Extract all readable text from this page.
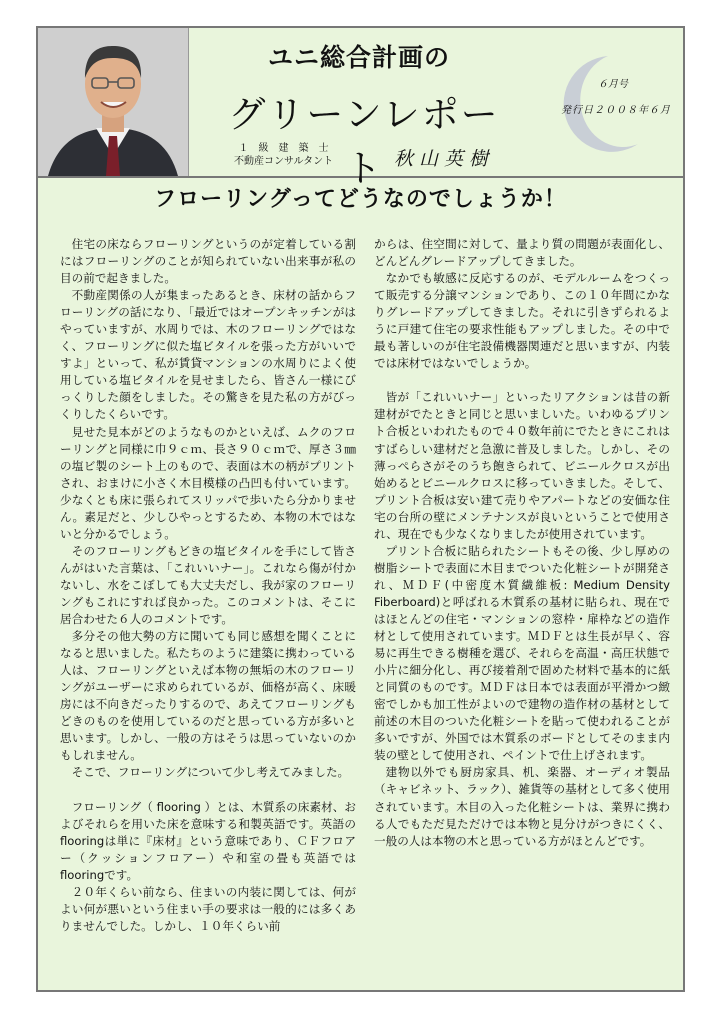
ユニ総合計画の
グリーンレポート
１　級　建　築　士
不動産コンサルタント	秋山英樹
６月号
発行日２００８年６月
フローリングってどうなのでしょうか！

住宅の床ならフローリングというのが定着している割にはフローリングのことが知られていない出来事が私の目の前で起きました。

不動産関係の人が集まったあるとき、床材の話からフローリングの話になり、「最近ではオープンキッチンがはやっていますが、水周りでは、木のフローリングではなく、フローリングに似た塩ビタイルを張った方がいいですよ」といって、私が賃貸マンションの水周りによく使用している塩ビタイルを見せましたら、皆さん一様にびっくりした顔をしました。その驚きを見た私の方がびっくりしたくらいです。

見せた見本がどのようなものかといえば、ムクのフローリングと同様に巾９ｃｍ、長さ９０ｃｍで、厚さ３㎜の塩ビ製のシート上のもので、表面は木の柄がプリントされ、おまけに小さく木目模様の凸凹も付いています。少なくとも床に張られてスリッパで歩いたら分かりません。素足だと、少しひやっとするため、本物の木ではないと分かるでしょう。

そのフローリングもどきの塩ビタイルを手にして皆さんがはいた言葉は、「これいいナー」。これなら傷が付かないし、水をこぼしても大丈夫だし、我が家のフローリングもこれにすれば良かった。このコメントは、そこに居合わせた６人のコメントです。

多分その他大勢の方に聞いても同じ感想を聞くことになると思いました。私たちのように建築に携わっている人は、フローリングといえば本物の無垢の木のフローリングがユーザーに求められているが、価格が高く、床暖房には不向きだったりするので、あえてフローリングもどきのものを使用しているのだと思っている方が多いと思います。しかし、一般の方はそうは思っていないのかもしれません。

そこで、フローリングについて少し考えてみました。

フローリング（ flooring ）とは、木質系の床素材、およびそれらを用いた床を意味する和製英語です。英語のflooringは単に『床材』という意味であり、ＣＦフロアー（クッションフロアー）や和室の畳も英語ではflooringです。

２０年くらい前なら、住まいの内装に関しては、何がよい何が悪いという住まい手の要求は一般的には多くありませんでした。しかし、１０年くらい前

からは、住空間に対して、量より質の問題が表面化し、どんどんグレードアップしてきました。

なかでも敏感に反応するのが、モデルルームをつくって販売する分譲マンションであり、この１０年間にかなりグレードアップしてきました。それに引きずられるように戸建て住宅の要求性能もアップしました。その中で最も著しいのが住宅設備機器関連だと思いますが、内装では床材ではないでしょうか。

皆が「これいいナー」といったリアクションは昔の新建材がでたときと同じと思いましいた。いわゆるプリント合板といわれたもので４０数年前にでたときにこれはすばらしい建材だと急激に普及しました。しかし、その薄っぺらさがそのうち飽きられて、ビニールクロスが出始めるとビニールクロスに移っていきました。そして、プリント合板は安い建て売りやアパートなどの安価な住宅の台所の壁にメンテナンスが良いということで使用され、現在でも少なくなりましたが使用されています。

プリント合板に貼られたシートもその後、少し厚めの樹脂シートで表面に木目までついた化粧シートが開発され、ＭＤＦ(中密度木質繊維板: Medium Density Fiberboard)と呼ばれる木質系の基材に貼られ、現在ではほとんどの住宅・マンションの窓枠・扉枠などの造作材として使用されています。ＭＤＦとは生長が早く、容易に再生できる樹種を選び、それらを高温・高圧状態で小片に細分化し、再び接着剤で固めた材料で基本的に紙と同質のものです。ＭＤＦは日本では表面が平滑かつ緻密でしかも加工性がよいので建物の造作材の基材として前述の木目のついた化粧シートを貼って使われることが多いですが、外国では木質系のボードとしてそのまま内装の壁として使用され、ペイントで仕上げされます。

建物以外でも厨房家具、机、楽器、オーディオ製品（キャビネット、ラック）、雑貨等の基材として多く使用されています。木目の入った化粧シートは、業界に携わる人でもただ見ただけでは本物と見分けがつきにくく、一般の人は本物の木と思っている方がほとんどです。
